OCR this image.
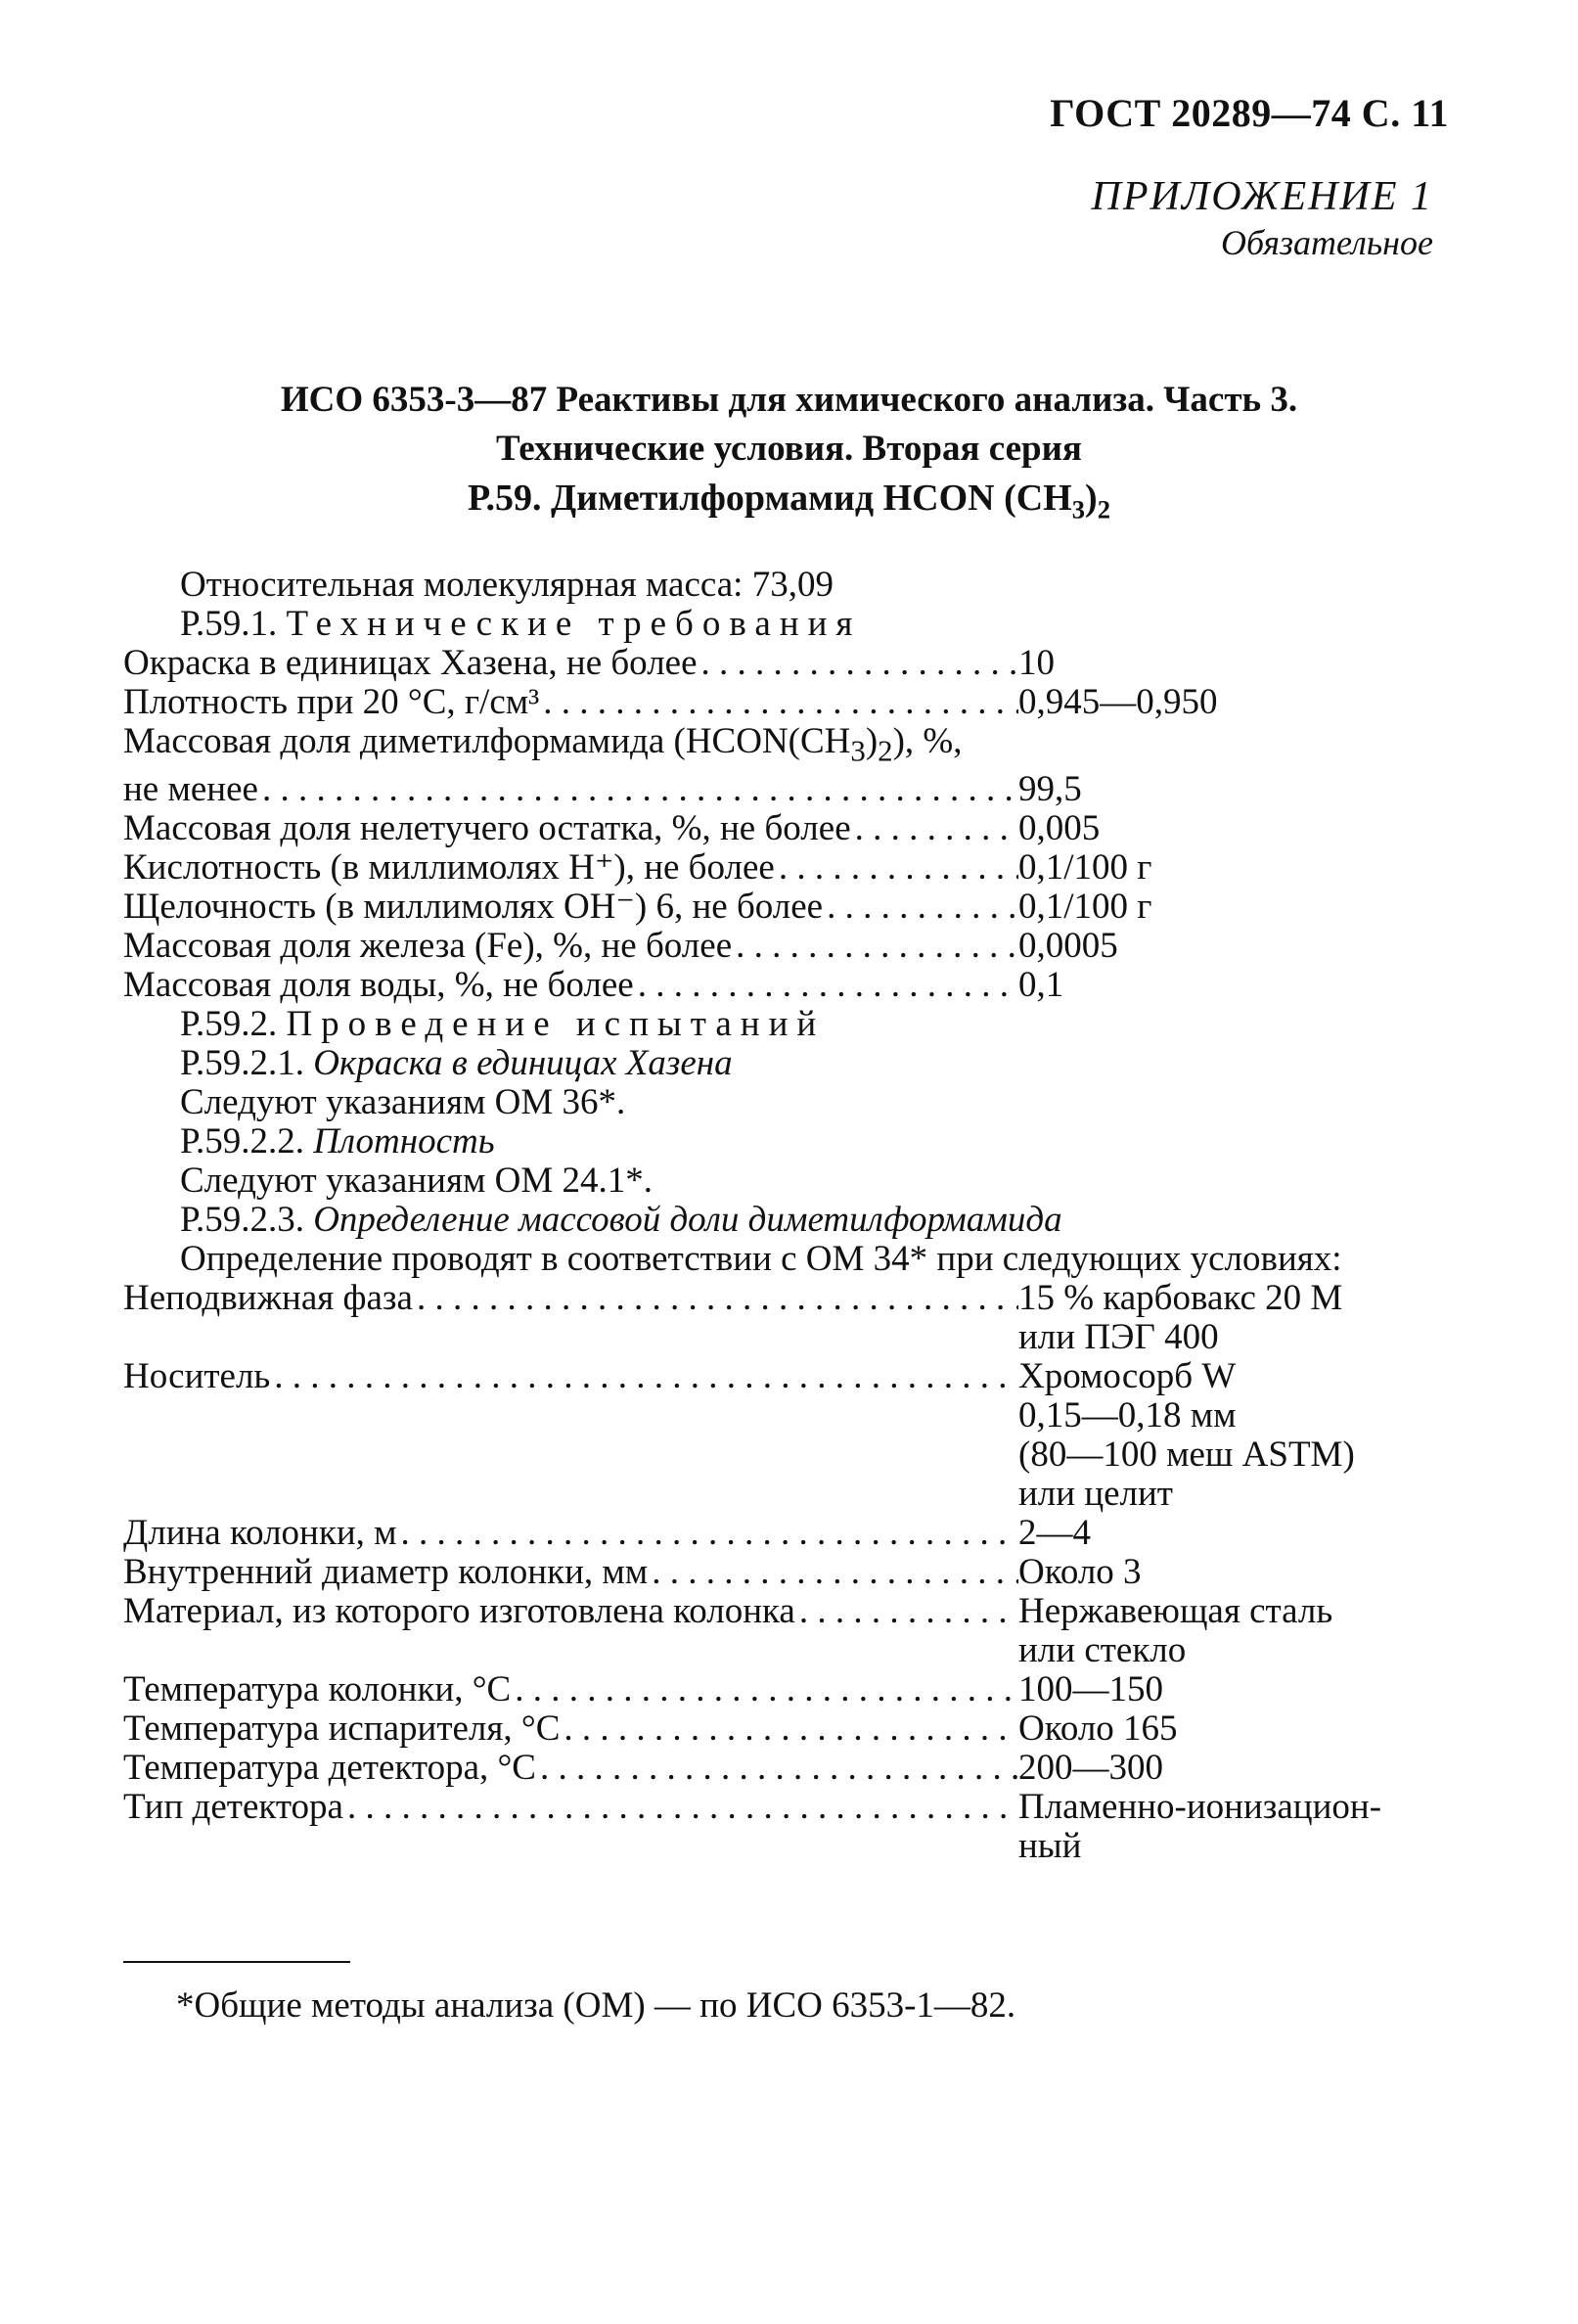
ГОСТ 20289—74 С. 11
ПРИЛОЖЕНИЕ 1
Обязательное
ИСО 6353-3—87 Реактивы для химического анализа. Часть 3.
Технические условия. Вторая серия
Р.59. Диметилформамид HCON $(CH_3)_2$
Относительная молекулярная масса: 73,09
Р.59.1. Технические требования
Окраска в единицах Хазена, не более . . .	10
Плотность при 20 °С, г/см³ . . .	0,945—0,950
Массовая доля диметилформамида $(HCON(CH_3)_2)$, %,
не менее . . .	99,5
Массовая доля нелетучего остатка, %, не более . . .	0,005
Кислотность (в миллимолях H⁺), не более . . .	0,1/100 г
Щелочность (в миллимолях OH⁻) 6, не более . . .	0,1/100 г
Массовая доля железа (Fe), %, не более . . .	0,0005
Массовая доля воды, %, не более . . .	0,1
Р.59.2. Проведение испытаний
Р.59.2.1. Окраска в единицах Хазена
Следуют указаниям ОМ 36*.
Р.59.2.2. Плотность
Следуют указаниям ОМ 24.1*.
Р.59.2.3. Определение массовой доли диметилформамида
Определение проводят в соответствии с ОМ 34* при следующих условиях:
Неподвижная фаза . . .	15 % карбовакс 20 М
или ПЭГ 400
Носитель . . .	Хромосорб W
0,15—0,18 мм
(80—100 меш ASTM)
или целит
Длина колонки, м . . .	2—4
Внутренний диаметр колонки, мм . . .	Около 3
Материал, из которого изготовлена колонка . . .	Нержавеющая сталь
или стекло
Температура колонки, °С . . .	100—150
Температура испарителя, °С . . .	Около 165
Температура детектора, °С . . .	200—300
Тип детектора . . .	Пламенно-ионизацион-
ный
*Общие методы анализа (ОМ) — по ИСО 6353-1—82.
